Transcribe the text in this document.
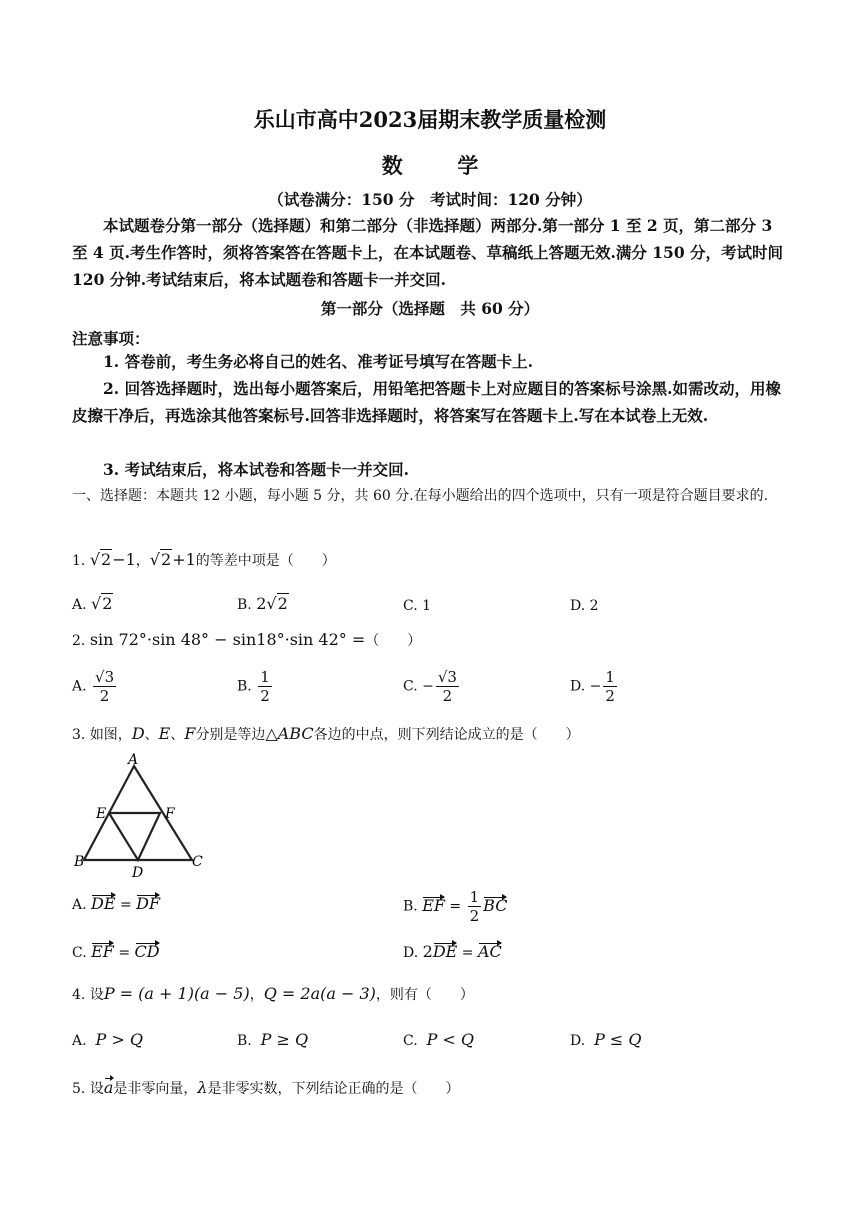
乐山市高中2023届期末教学质量检测
数	学
（试卷满分：150 分　考试时间：120 分钟）
本试题卷分第一部分（选择题）和第二部分（非选择题）两部分.第一部分 1 至 2 页，第二部分 3 至 4 页.考生作答时，须将答案答在答题卡上，在本试题卷、草稿纸上答题无效.满分 150 分，考试时间 120 分钟.考试结束后，将本试题卷和答题卡一并交回.
第一部分（选择题　共 60 分）
注意事项：
1. 答卷前，考生务必将自己的姓名、准考证号填写在答题卡上.
2. 回答选择题时，选出每小题答案后，用铅笔把答题卡上对应题目的答案标号涂黑.如需改动，用橡皮擦干净后，再选涂其他答案标号.回答非选择题时，将答案写在答题卡上.写在本试卷上无效.
3. 考试结束后，将本试卷和答题卡一并交回.
一、选择题：本题共 12 小题，每小题 5 分，共 60 分.在每小题给出的四个选项中，只有一项是符合题目要求的.
1. √2−1，√2+1的等差中项是（　　）
A. √2	B. 2√2	C. 1	D. 2
2. sin 72°·sin 48° − sin18°·sin 42° =（　　）
A. $\frac{√3}{2}$	B. $\frac{1}{2}$	C. − $\frac{√3}{2}$	D. − $\frac{1}{2}$
3. 如图，D、E、F分别是等边△ABC各边的中点，则下列结论成立的是（　　）
A
E	F
B
D
C
A. DE = DF	B. EF = $\frac{1}{2}$ BC
C. EF = CD	D. 2DE = AC
4. 设P = (a + 1)(a − 5)，Q = 2a(a − 3)，则有（　　）
A.  P > Q	B.  P ≥ Q	C.  P < Q	D.  P ≤ Q
5. 设a是非零向量，λ是非零实数，下列结论正确的是（　　）
